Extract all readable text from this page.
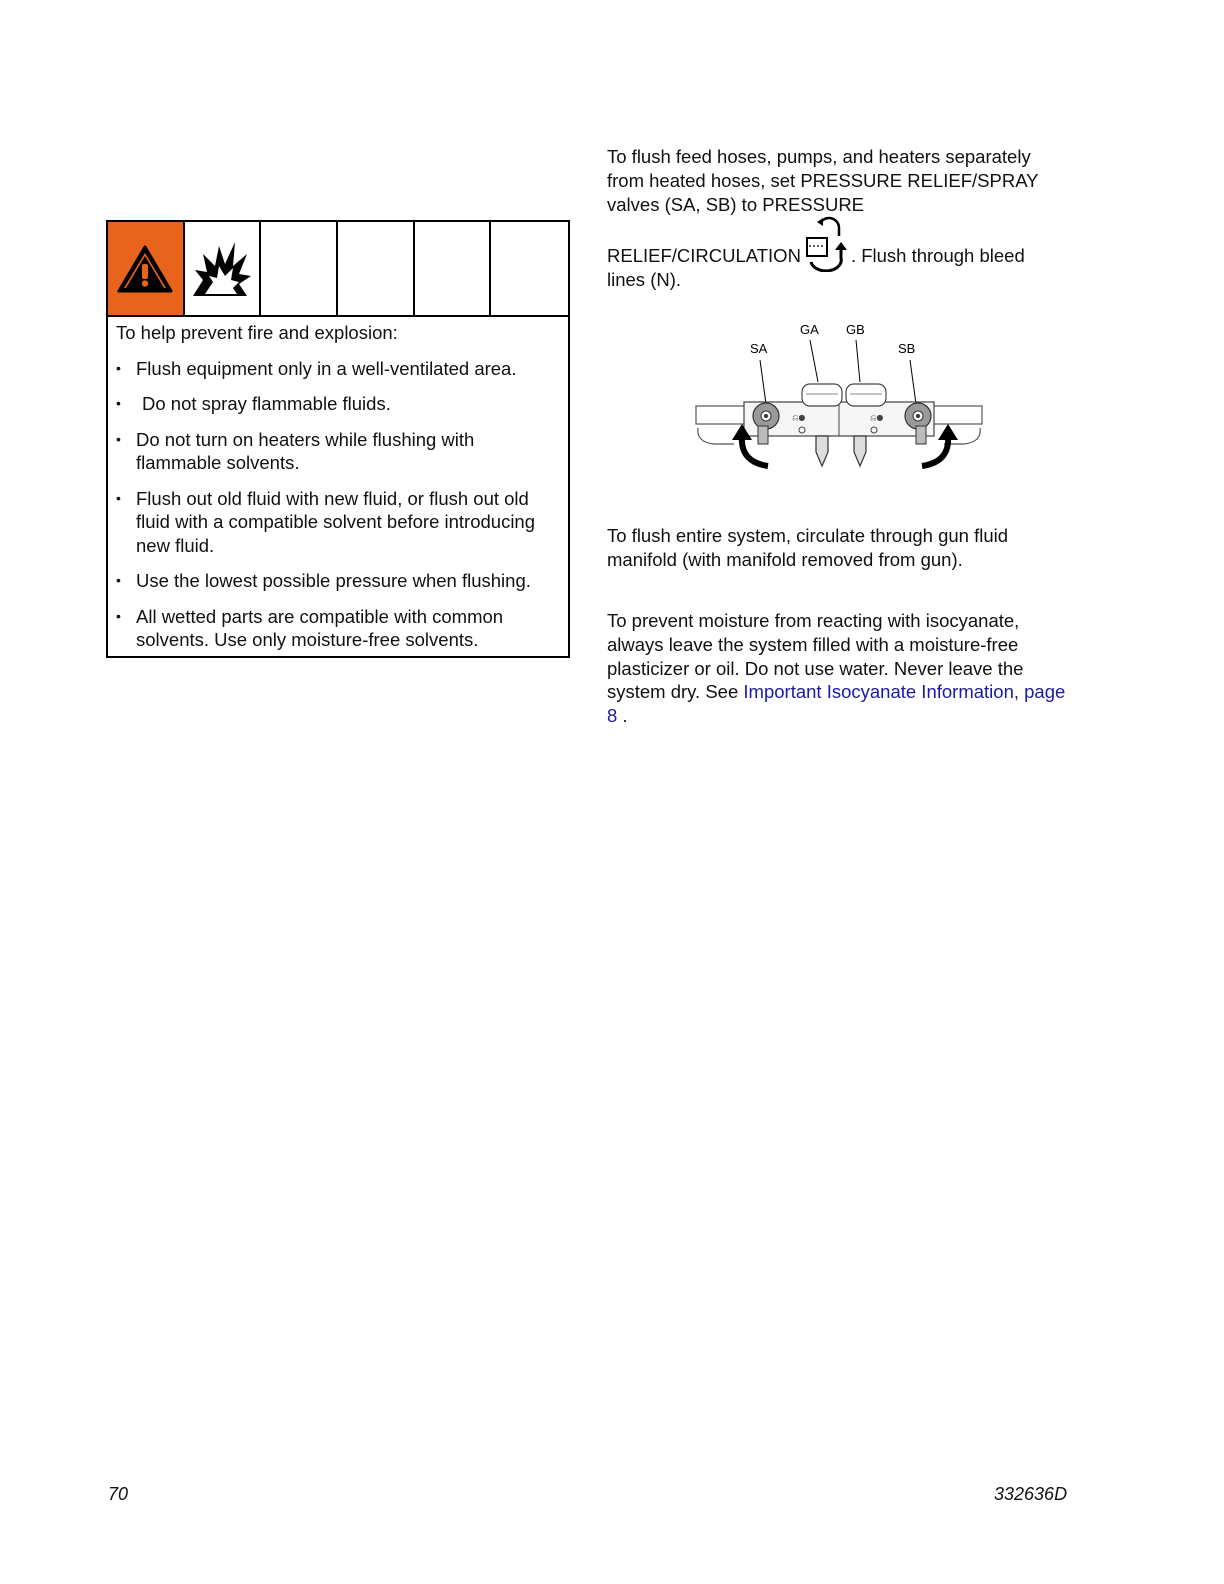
To help prevent fire and explosion:

• Flush equipment only in a well-ventilated area.
• Do not spray flammable fluids.
• Do not turn on heaters while flushing with flammable solvents.
• Flush out old fluid with new fluid, or flush out old fluid with a compatible solvent before introducing new fluid.
• Use the lowest possible pressure when flushing.
• All wetted parts are compatible with common solvents. Use only moisture-free solvents.

To flush feed hoses, pumps, and heaters separately from heated hoses, set PRESSURE RELIEF/SPRAY valves (SA, SB) to PRESSURE

RELIEF/CIRCULATION	. Flush through bleed lines (N).

GA GB
SA	SB
⎌●	⎌●

To flush entire system, circulate through gun fluid manifold (with manifold removed from gun).

To prevent moisture from reacting with isocyanate, always leave the system filled with a moisture-free plasticizer or oil. Do not use water. Never leave the system dry. See Important Isocyanate Information, page 8 .

70	332636D
